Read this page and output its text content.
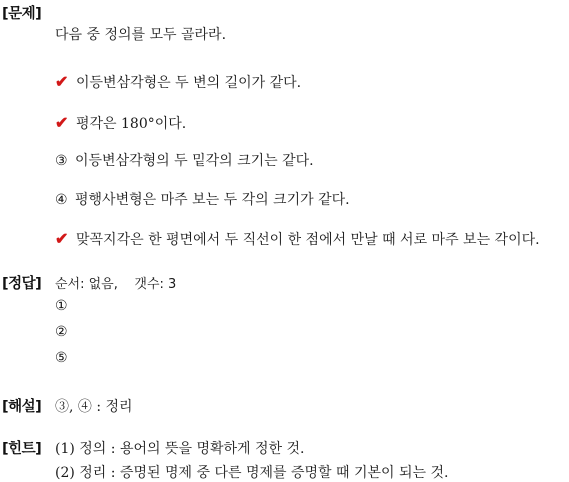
[문제]
다음 중 정의를 모두 골라라.
✔ 이등변삼각형은 두 변의 길이가 같다.
✔ 평각은 180°이다.
③ 이등변삼각형의 두 밑각의 크기는 같다.
④ 평행사변형은 마주 보는 두 각의 크기가 같다.
✔ 맞꼭지각은 한 평면에서 두 직선이 한 점에서 만날 때 서로 마주 보는 각이다.
[정답] 순서: 없음,    갯수: 3
①
②
⑤
[해설] ③, ④ : 정리
[힌트] (1) 정의 : 용어의 뜻을 명확하게 정한 것.
(2) 정리 : 증명된 명제 중 다른 명제를 증명할 때 기본이 되는 것.
